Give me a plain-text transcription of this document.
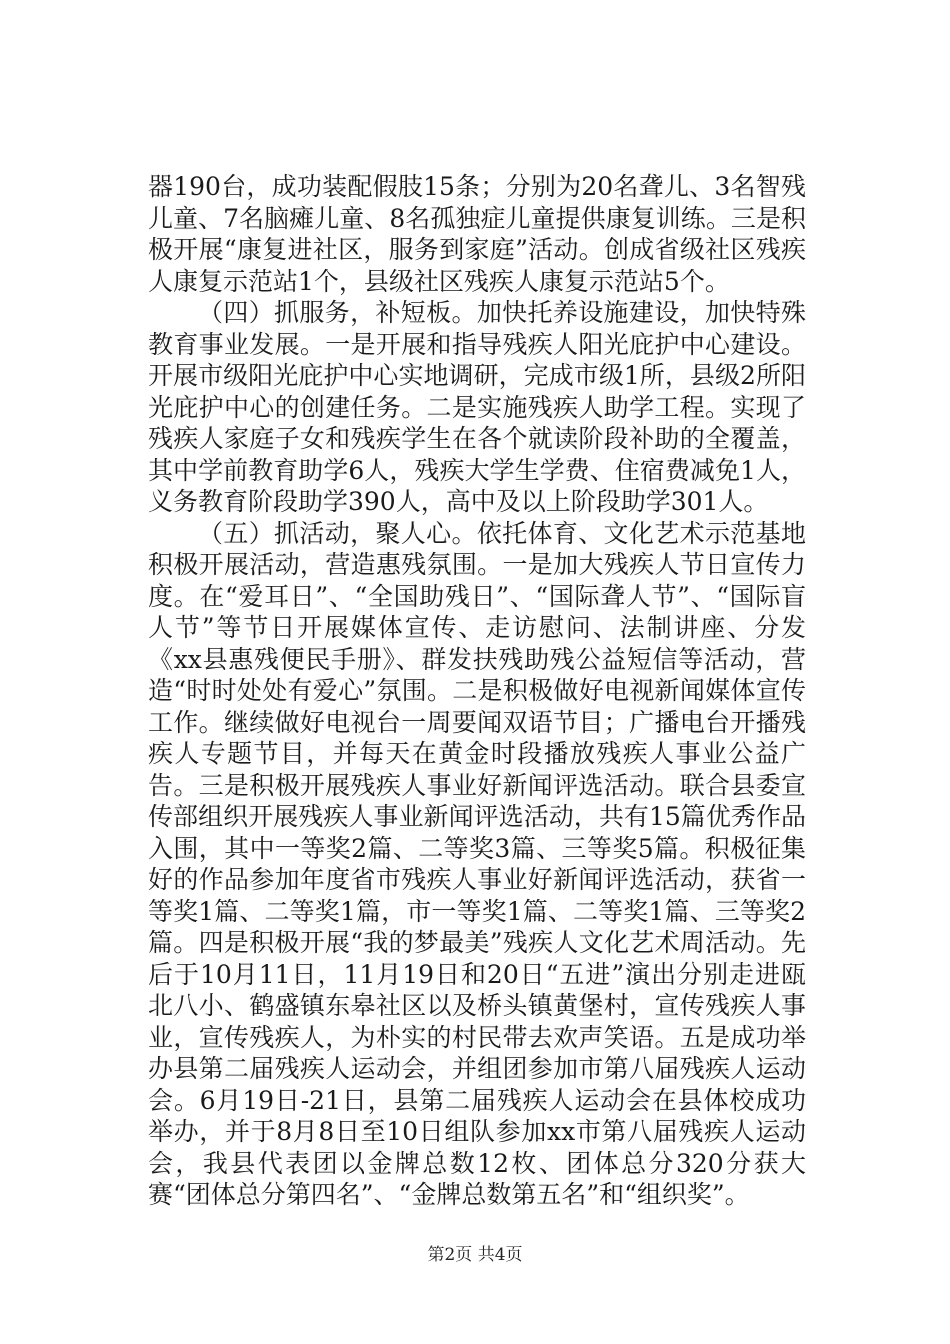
器190台，成功装配假肢15条；分别为20名聋儿、3名智残儿童、7名脑瘫儿童、8名孤独症儿童提供康复训练。三是积极开展“康复进社区，服务到家庭”活动。创成省级社区残疾人康复示范站1个，县级社区残疾人康复示范站5个。

（四）抓服务，补短板。加快托养设施建设，加快特殊教育事业发展。一是开展和指导残疾人阳光庇护中心建设。开展市级阳光庇护中心实地调研，完成市级1所，县级2所阳光庇护中心的创建任务。二是实施残疾人助学工程。实现了残疾人家庭子女和残疾学生在各个就读阶段补助的全覆盖，其中学前教育助学6人，残疾大学生学费、住宿费减免1人，义务教育阶段助学390人，高中及以上阶段助学301人。

（五）抓活动，聚人心。依托体育、文化艺术示范基地积极开展活动，营造惠残氛围。一是加大残疾人节日宣传力度。在“爱耳日”、“全国助残日”、“国际聋人节”、“国际盲人节”等节日开展媒体宣传、走访慰问、法制讲座、分发《xx县惠残便民手册》、群发扶残助残公益短信等活动，营造“时时处处有爱心”氛围。二是积极做好电视新闻媒体宣传工作。继续做好电视台一周要闻双语节目；广播电台开播残疾人专题节目，并每天在黄金时段播放残疾人事业公益广告。三是积极开展残疾人事业好新闻评选活动。联合县委宣传部组织开展残疾人事业新闻评选活动，共有15篇优秀作品入围，其中一等奖2篇、二等奖3篇、三等奖5篇。积极征集好的作品参加年度省市残疾人事业好新闻评选活动，获省一等奖1篇、二等奖1篇，市一等奖1篇、二等奖1篇、三等奖2篇。四是积极开展“我的梦最美”残疾人文化艺术周活动。先后于10月11日，11月19日和20日“五进”演出分别走进瓯北八小、鹤盛镇东皋社区以及桥头镇黄堡村，宣传残疾人事业，宣传残疾人，为朴实的村民带去欢声笑语。五是成功举办县第二届残疾人运动会，并组团参加市第八届残疾人运动会。6月19日-21日，县第二届残疾人运动会在县体校成功举办，并于8月8日至10日组队参加xx市第八届残疾人运动会，我县代表团以金牌总数12枚、团体总分320分获大赛“团体总分第四名”、“金牌总数第五名”和“组织奖”。

第2页 共4页
